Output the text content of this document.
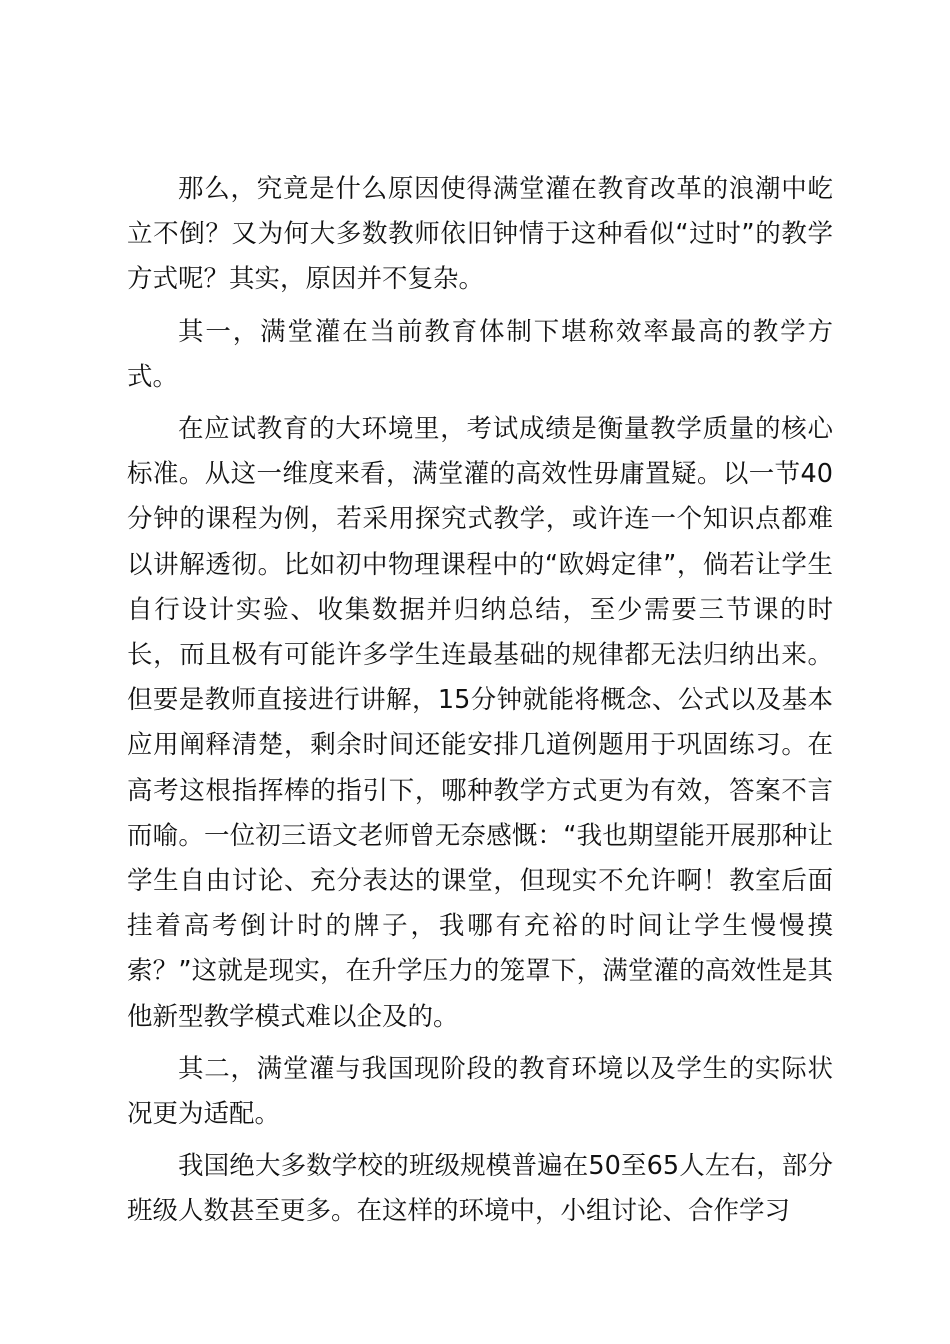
那么，究竟是什么原因使得满堂灌在教育改革的浪潮中屹立不倒？又为何大多数教师依旧钟情于这种看似“过时”的教学方式呢？其实，原因并不复杂。

其一，满堂灌在当前教育体制下堪称效率最高的教学方式。

在应试教育的大环境里，考试成绩是衡量教学质量的核心标准。从这一维度来看，满堂灌的高效性毋庸置疑。以一节40分钟的课程为例，若采用探究式教学，或许连一个知识点都难以讲解透彻。比如初中物理课程中的“欧姆定律”，倘若让学生自行设计实验、收集数据并归纳总结，至少需要三节课的时长，而且极有可能许多学生连最基础的规律都无法归纳出来。但要是教师直接进行讲解，15分钟就能将概念、公式以及基本应用阐释清楚，剩余时间还能安排几道例题用于巩固练习。在高考这根指挥棒的指引下，哪种教学方式更为有效，答案不言而喻。一位初三语文老师曾无奈感慨：“我也期望能开展那种让学生自由讨论、充分表达的课堂，但现实不允许啊！教室后面挂着高考倒计时的牌子，我哪有充裕的时间让学生慢慢摸索？”这就是现实，在升学压力的笼罩下，满堂灌的高效性是其他新型教学模式难以企及的。

其二，满堂灌与我国现阶段的教育环境以及学生的实际状况更为适配。

我国绝大多数学校的班级规模普遍在50至65人左右，部分班级人数甚至更多。在这样的环境中，小组讨论、合作学习
